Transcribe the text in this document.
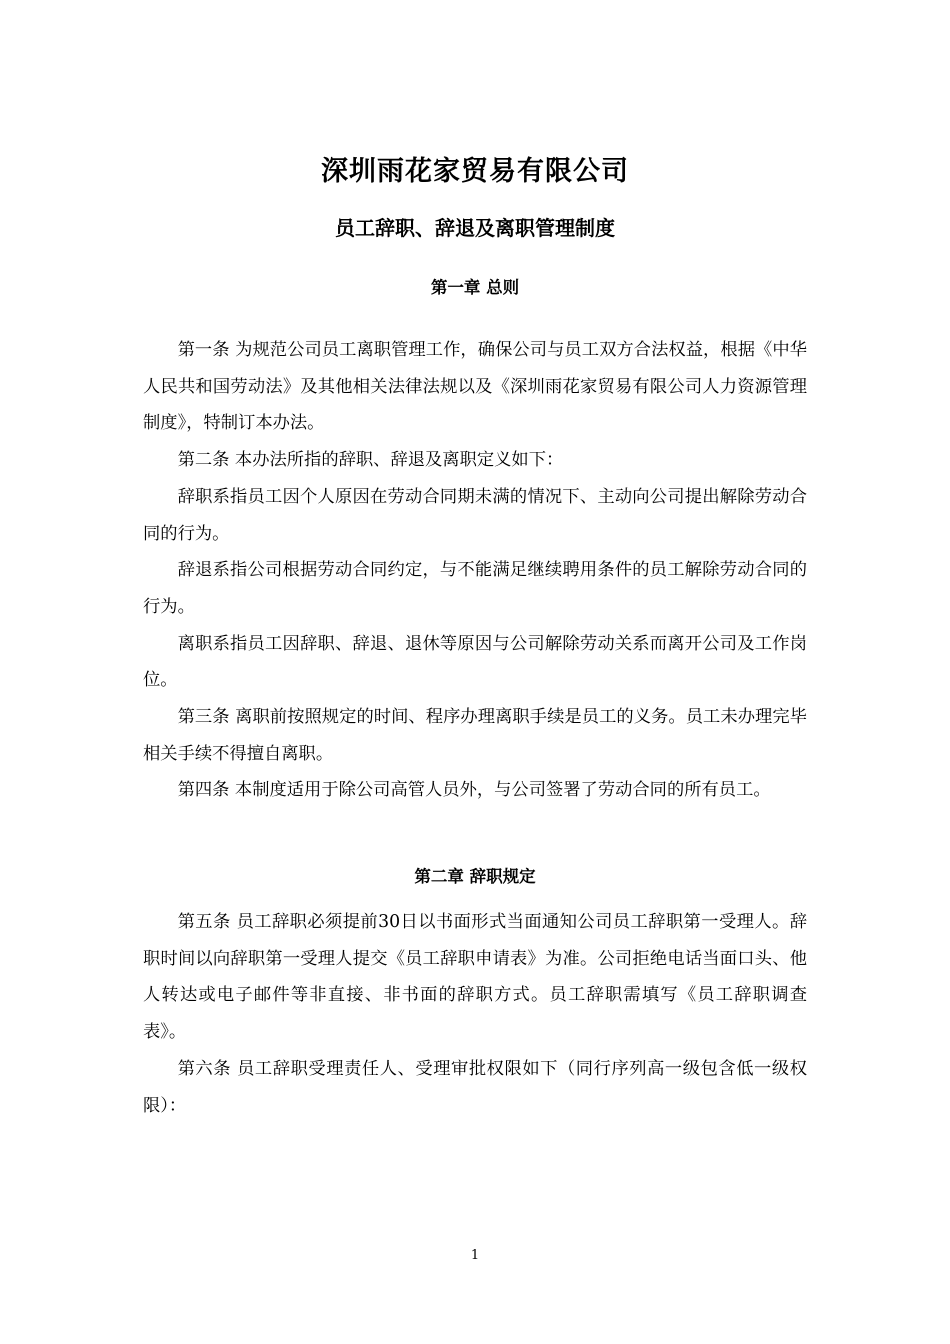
深圳雨花家贸易有限公司
员工辞职、辞退及离职管理制度
第一章 总则

第一条 为规范公司员工离职管理工作，确保公司与员工双方合法权益，根据《中华人民共和国劳动法》及其他相关法律法规以及《深圳雨花家贸易有限公司人力资源管理制度》，特制订本办法。

第二条 本办法所指的辞职、辞退及离职定义如下：

辞职系指员工因个人原因在劳动合同期未满的情况下、主动向公司提出解除劳动合同的行为。

辞退系指公司根据劳动合同约定，与不能满足继续聘用条件的员工解除劳动合同的行为。

离职系指员工因辞职、辞退、退休等原因与公司解除劳动关系而离开公司及工作岗位。

第三条 离职前按照规定的时间、程序办理离职手续是员工的义务。员工未办理完毕相关手续不得擅自离职。

第四条 本制度适用于除公司高管人员外，与公司签署了劳动合同的所有员工。

第二章 辞职规定

第五条 员工辞职必须提前30日以书面形式当面通知公司员工辞职第一受理人。辞职时间以向辞职第一受理人提交《员工辞职申请表》为准。公司拒绝电话当面口头、他人转达或电子邮件等非直接、非书面的辞职方式。员工辞职需填写《员工辞职调查表》。

第六条 员工辞职受理责任人、受理审批权限如下（同行序列高一级包含低一级权限）：

1
